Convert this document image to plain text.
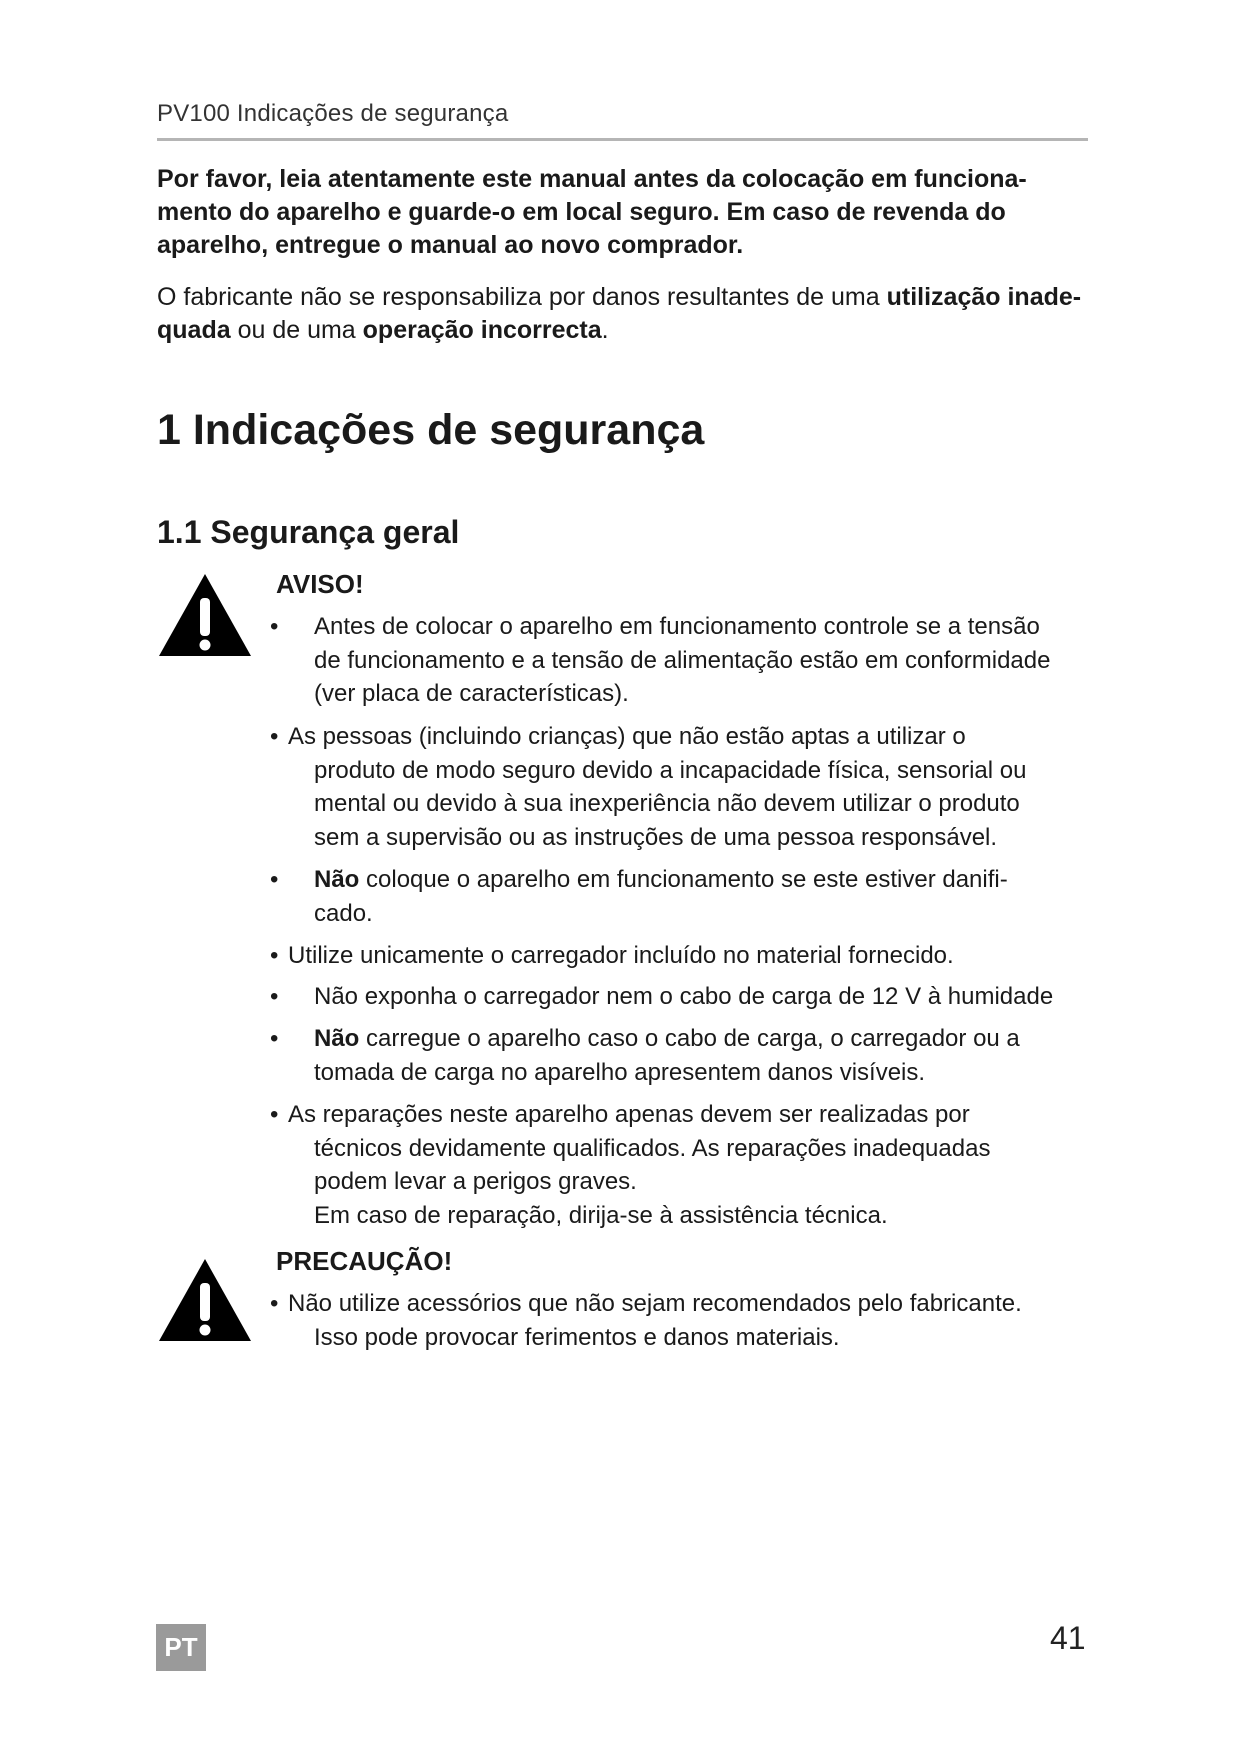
PV100 Indicações de segurança
Por favor, leia atentamente este manual antes da colocação em funciona-
mento do aparelho e guarde-o em local seguro. Em caso de revenda do
aparelho, entregue o manual ao novo comprador.
O fabricante não se responsabiliza por danos resultantes de uma utilização inade-
quada ou de uma operação incorrecta.
1 Indicações de segurança
1.1 Segurança geral
AVISO!
• Antes de colocar o aparelho em funcionamento controle se a tensão
de funcionamento e a tensão de alimentação estão em conformidade
(ver placa de características).
• As pessoas (incluindo crianças) que não estão aptas a utilizar o
produto de modo seguro devido a incapacidade física, sensorial ou
mental ou devido à sua inexperiência não devem utilizar o produto
sem a supervisão ou as instruções de uma pessoa responsável.
• Não coloque o aparelho em funcionamento se este estiver danifi-
cado.
• Utilize unicamente o carregador incluído no material fornecido.
• Não exponha o carregador nem o cabo de carga de 12 V à humidade
• Não carregue o aparelho caso o cabo de carga, o carregador ou a
tomada de carga no aparelho apresentem danos visíveis.
• As reparações neste aparelho apenas devem ser realizadas por
técnicos devidamente qualificados. As reparações inadequadas
podem levar a perigos graves.
Em caso de reparação, dirija-se à assistência técnica.
PRECAUÇÃO!
• Não utilize acessórios que não sejam recomendados pelo fabricante.
Isso pode provocar ferimentos e danos materiais.
PT	41
